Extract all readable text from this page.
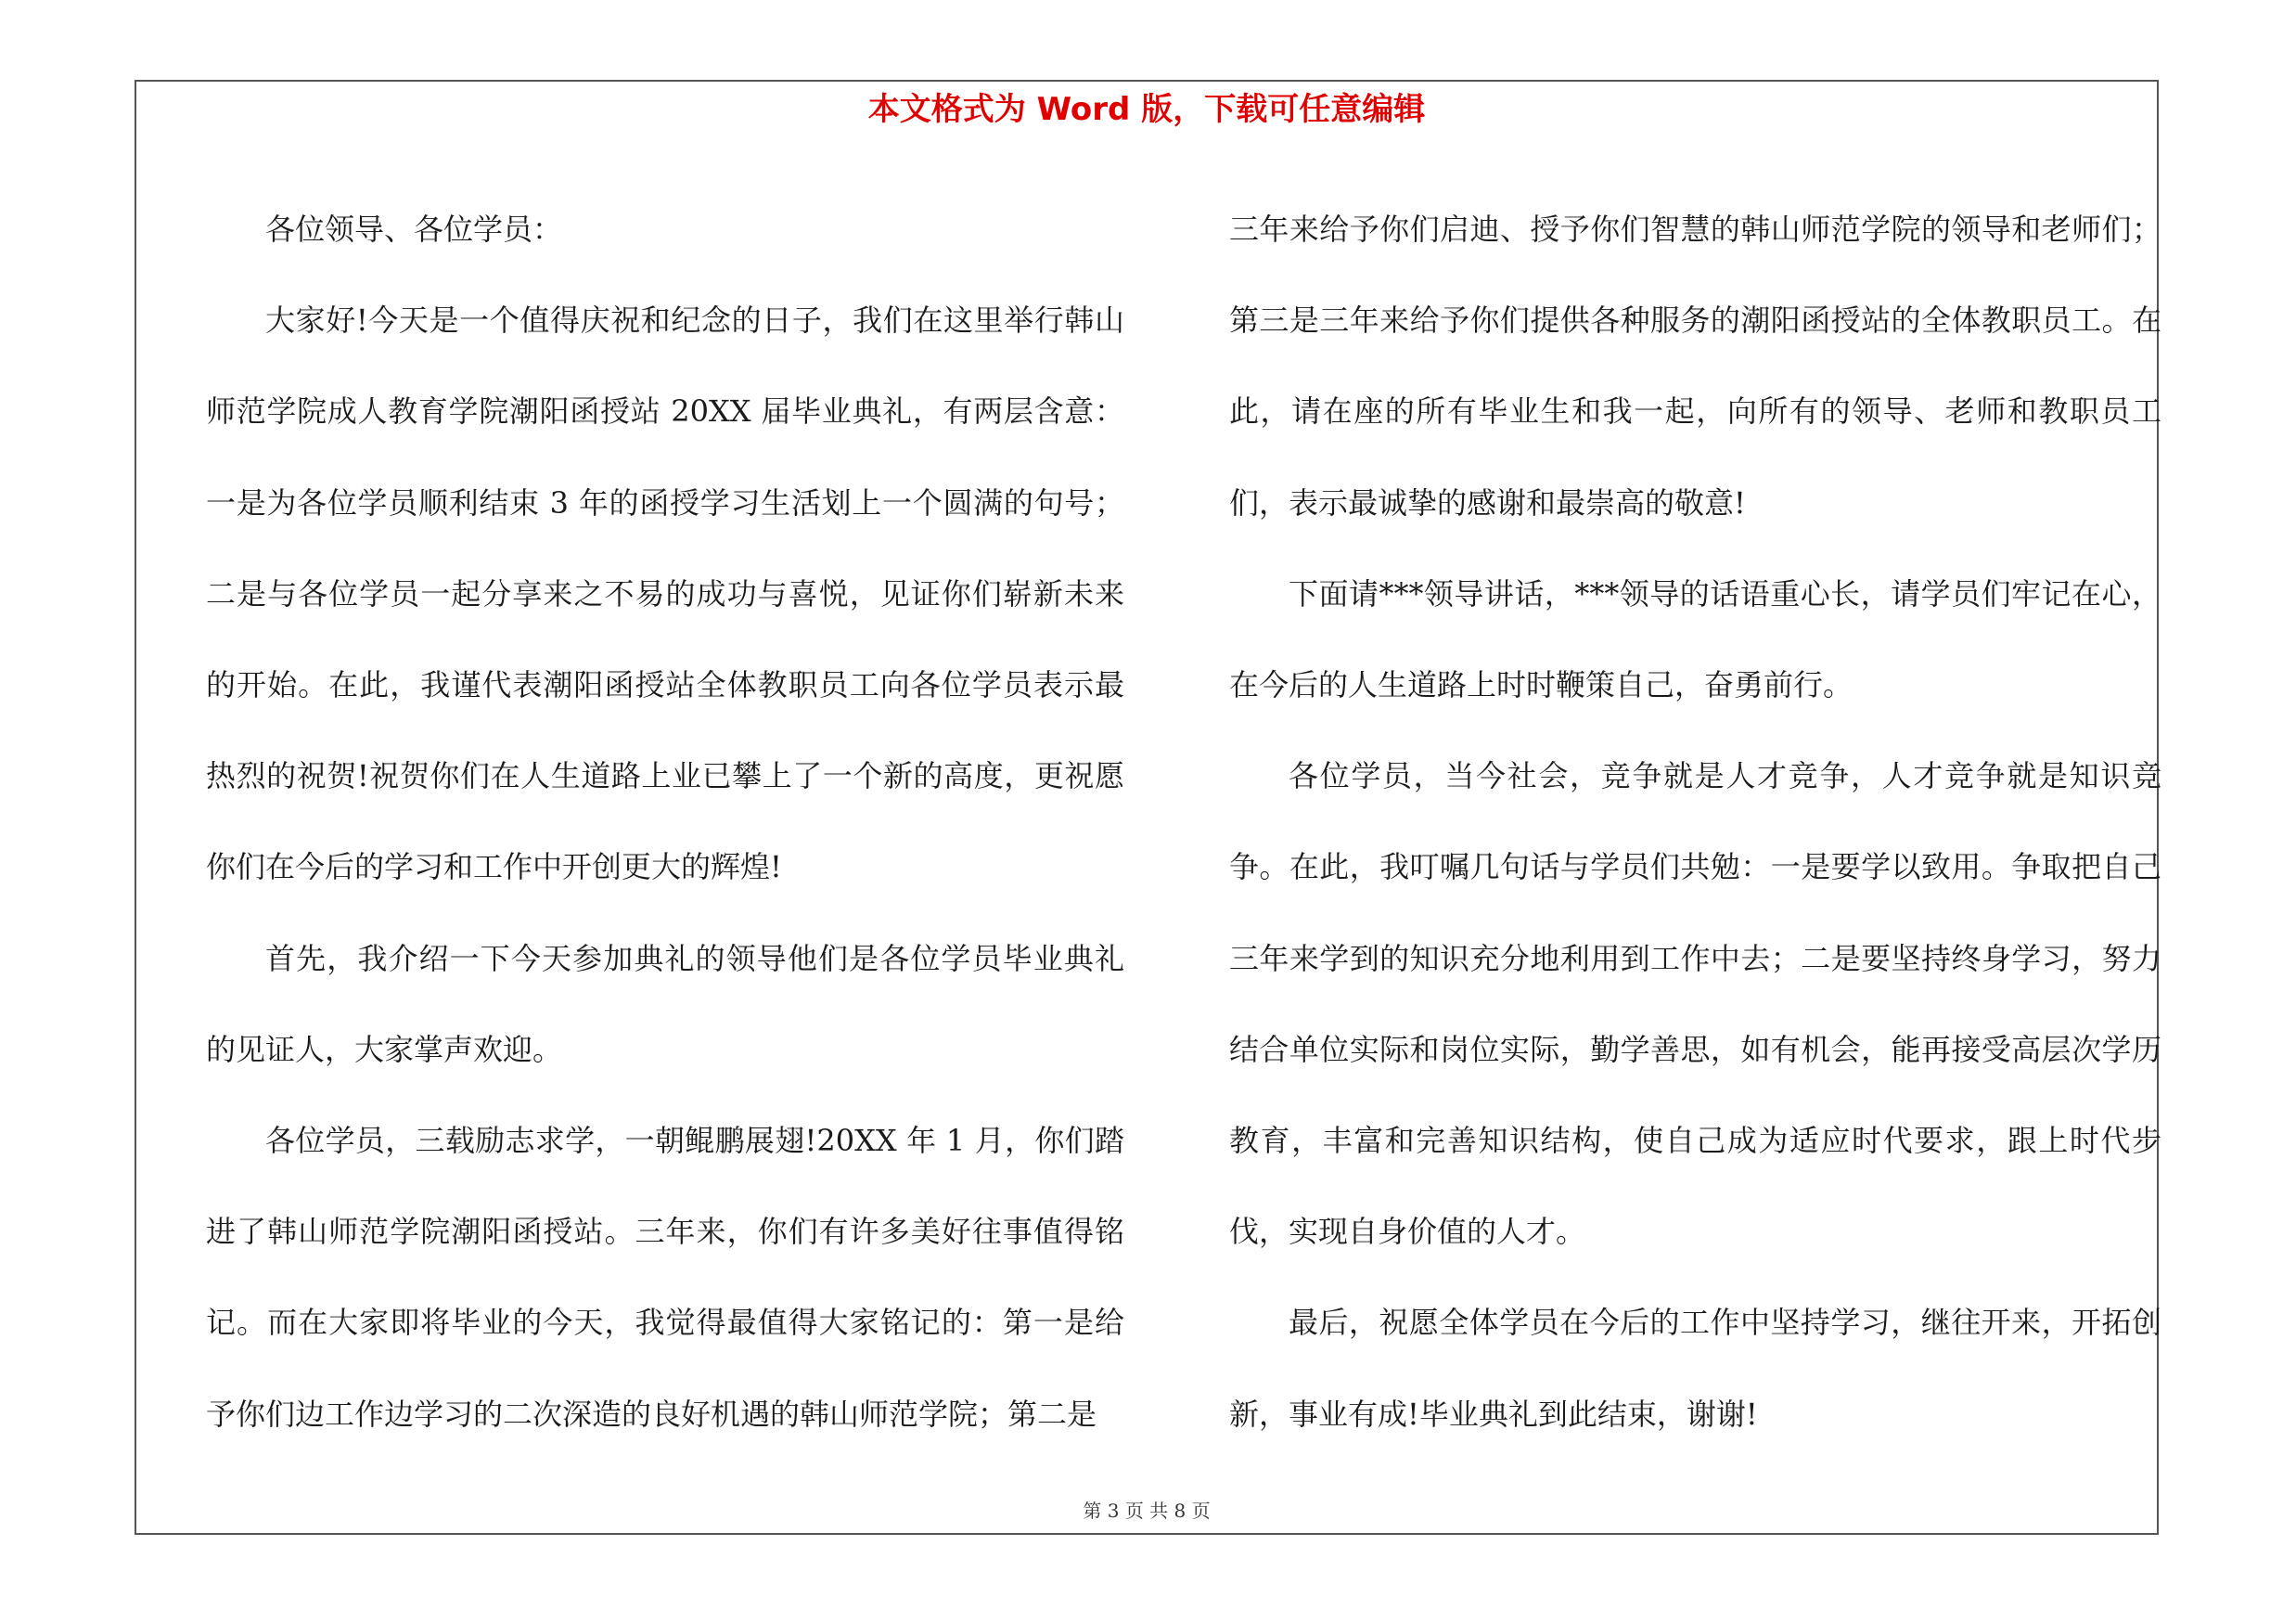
本文格式为 Word 版，下载可任意编辑

各位领导、各位学员：

大家好!今天是一个值得庆祝和纪念的日子，我们在这里举行韩山师范学院成人教育学院潮阳函授站 20XX 届毕业典礼，有两层含意：一是为各位学员顺利结束 3 年的函授学习生活划上一个圆满的句号；二是与各位学员一起分享来之不易的成功与喜悦，见证你们崭新未来的开始。在此，我谨代表潮阳函授站全体教职员工向各位学员表示最热烈的祝贺!祝贺你们在人生道路上业已攀上了一个新的高度，更祝愿你们在今后的学习和工作中开创更大的辉煌!

首先，我介绍一下今天参加典礼的领导他们是各位学员毕业典礼的见证人，大家掌声欢迎。

各位学员，三载励志求学，一朝鲲鹏展翅!20XX 年 1 月，你们踏进了韩山师范学院潮阳函授站。三年来，你们有许多美好往事值得铭记。而在大家即将毕业的今天，我觉得最值得大家铭记的：第一是给予你们边工作边学习的二次深造的良好机遇的韩山师范学院；第二是

三年来给予你们启迪、授予你们智慧的韩山师范学院的领导和老师们；第三是三年来给予你们提供各种服务的潮阳函授站的全体教职员工。在此，请在座的所有毕业生和我一起，向所有的领导、老师和教职员工们，表示最诚挚的感谢和最崇高的敬意!

下面请***领导讲话，***领导的话语重心长，请学员们牢记在心，在今后的人生道路上时时鞭策自己，奋勇前行。

各位学员，当今社会，竞争就是人才竞争，人才竞争就是知识竞争。在此，我叮嘱几句话与学员们共勉：一是要学以致用。争取把自己三年来学到的知识充分地利用到工作中去；二是要坚持终身学习，努力结合单位实际和岗位实际，勤学善思，如有机会，能再接受高层次学历教育，丰富和完善知识结构，使自己成为适应时代要求，跟上时代步伐，实现自身价值的人才。

最后，祝愿全体学员在今后的工作中坚持学习，继往开来，开拓创新，事业有成!毕业典礼到此结束，谢谢!

第 3 页 共 8 页
